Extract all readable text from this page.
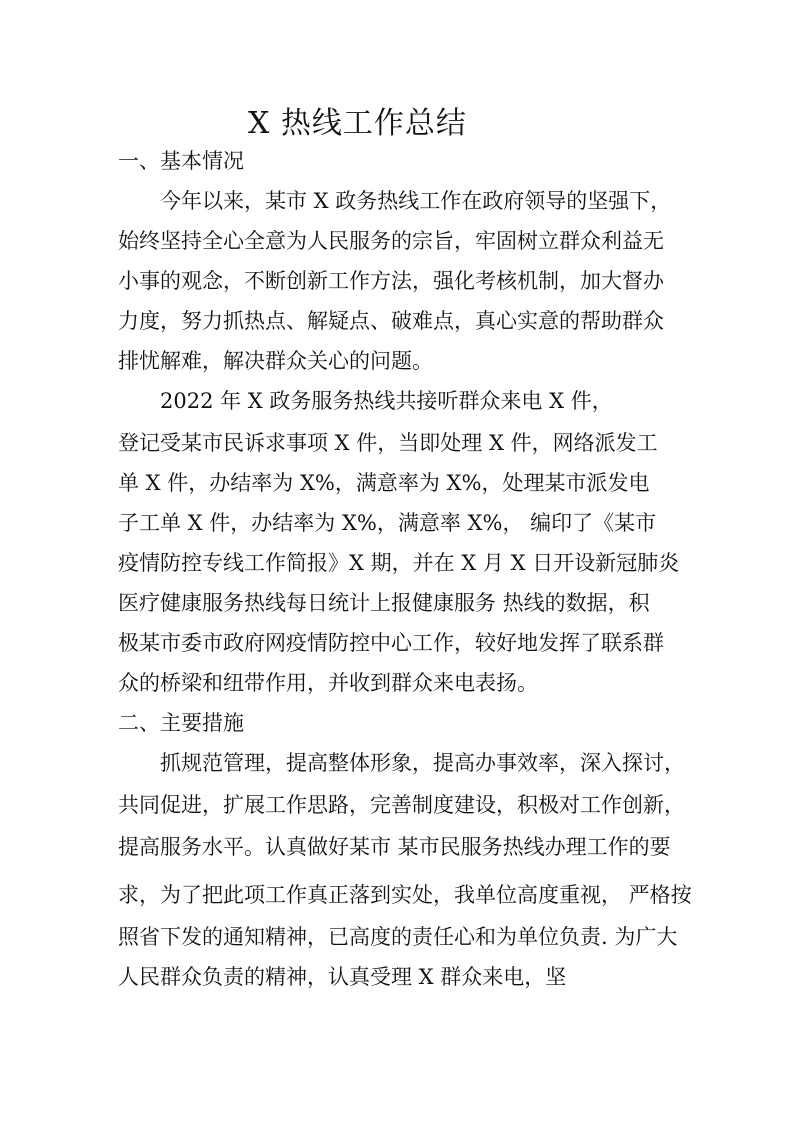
X 热线工作总结
一、基本情况
今年以来，某市 X 政务热线工作在政府领导的坚强下，
始终坚持全心全意为人民服务的宗旨，牢固树立群众利益无
小事的观念，不断创新工作方法，强化考核机制，加大督办
力度，努力抓热点、解疑点、破难点，真心实意的帮助群众
排忧解难，解决群众关心的问题。
2022 年 X 政务服务热线共接听群众来电 X 件，
登记受某市民诉求事项 X 件，当即处理 X 件，网络派发工
单 X 件，办结率为 X%，满意率为 X%，处理某市派发电
子工单 X 件，办结率为 X%，满意率 X%， 编印了《某市
疫情防控专线工作简报》X 期，并在 X 月 X 日开设新冠肺炎
医疗健康服务热线每日统计上报健康服务 热线的数据，积
极某市委市政府网疫情防控中心工作，较好地发挥了联系群
众的桥梁和纽带作用，并收到群众来电表扬。
二、主要措施
抓规范管理，提高整体形象，提高办事效率，深入探讨，
共同促进，扩展工作思路，完善制度建设，积极对工作创新，
提高服务水平。认真做好某市 某市民服务热线办理工作的要
求，为了把此项工作真正落到实处，我单位高度重视， 严格按
照省下发的通知精神，已高度的责任心和为单位负责. 为广大
人民群众负责的精神，认真受理 X 群众来电，坚
